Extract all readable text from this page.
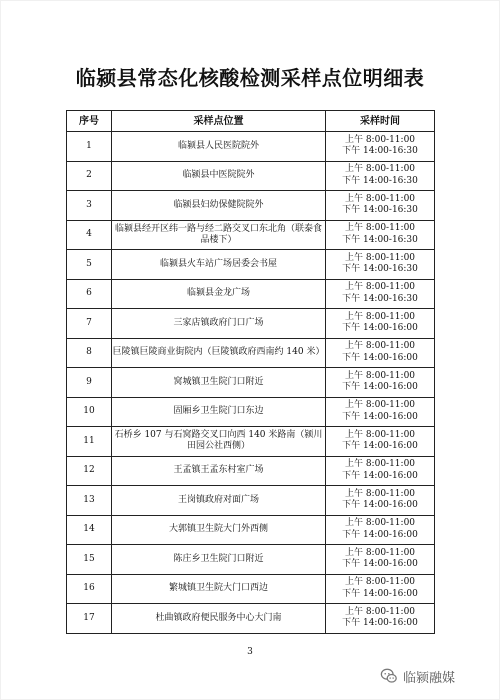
临颍县常态化核酸检测采样点位明细表
序号	采样点位置	采样时间
1	临颍县人民医院院外	上午 8:00-11:00
下午 14:00-16:30

2	临颍县中医院院外	上午 8:00-11:00
下午 14:00-16:30

3	临颍县妇幼保健院院外	上午 8:00-11:00
下午 14:00-16:30

4	临颍县经开区纬一路与经二路交叉口东北角（联泰食品楼下）	上午 8:00-11:00
下午 14:00-16:30

5	临颍县火车站广场居委会书屋	上午 8:00-11:00
下午 14:00-16:30

6	临颍县金龙广场	上午 8:00-11:00
下午 14:00-16:30

7	三家店镇政府门口广场	上午 8:00-11:00
下午 14:00-16:00

8	巨陵镇巨陵商业街院内（巨陵镇政府西南约 140 米）	上午 8:00-11:00
下午 14:00-16:00

9	窝城镇卫生院门口附近	上午 8:00-11:00
下午 14:00-16:00

10	固厢乡卫生院门口东边	上午 8:00-11:00
下午 14:00-16:00

11	石桥乡 107 与石窝路交叉口向西 140 米路南（颍川田园公社西侧）	上午 8:00-11:00
下午 14:00-16:00

12	王孟镇王孟东村室广场	上午 8:00-11:00
下午 14:00-16:00

13	王岗镇政府对面广场	上午 8:00-11:00
下午 14:00-16:00

14	大郭镇卫生院大门外西侧	上午 8:00-11:00
下午 14:00-16:00

15	陈庄乡卫生院门口附近	上午 8:00-11:00
下午 14:00-16:00

16	繁城镇卫生院大门口西边	上午 8:00-11:00
下午 14:00-16:00

17	杜曲镇政府便民服务中心大门南	上午 8:00-11:00
下午 14:00-16:00
3
临颍融媒
